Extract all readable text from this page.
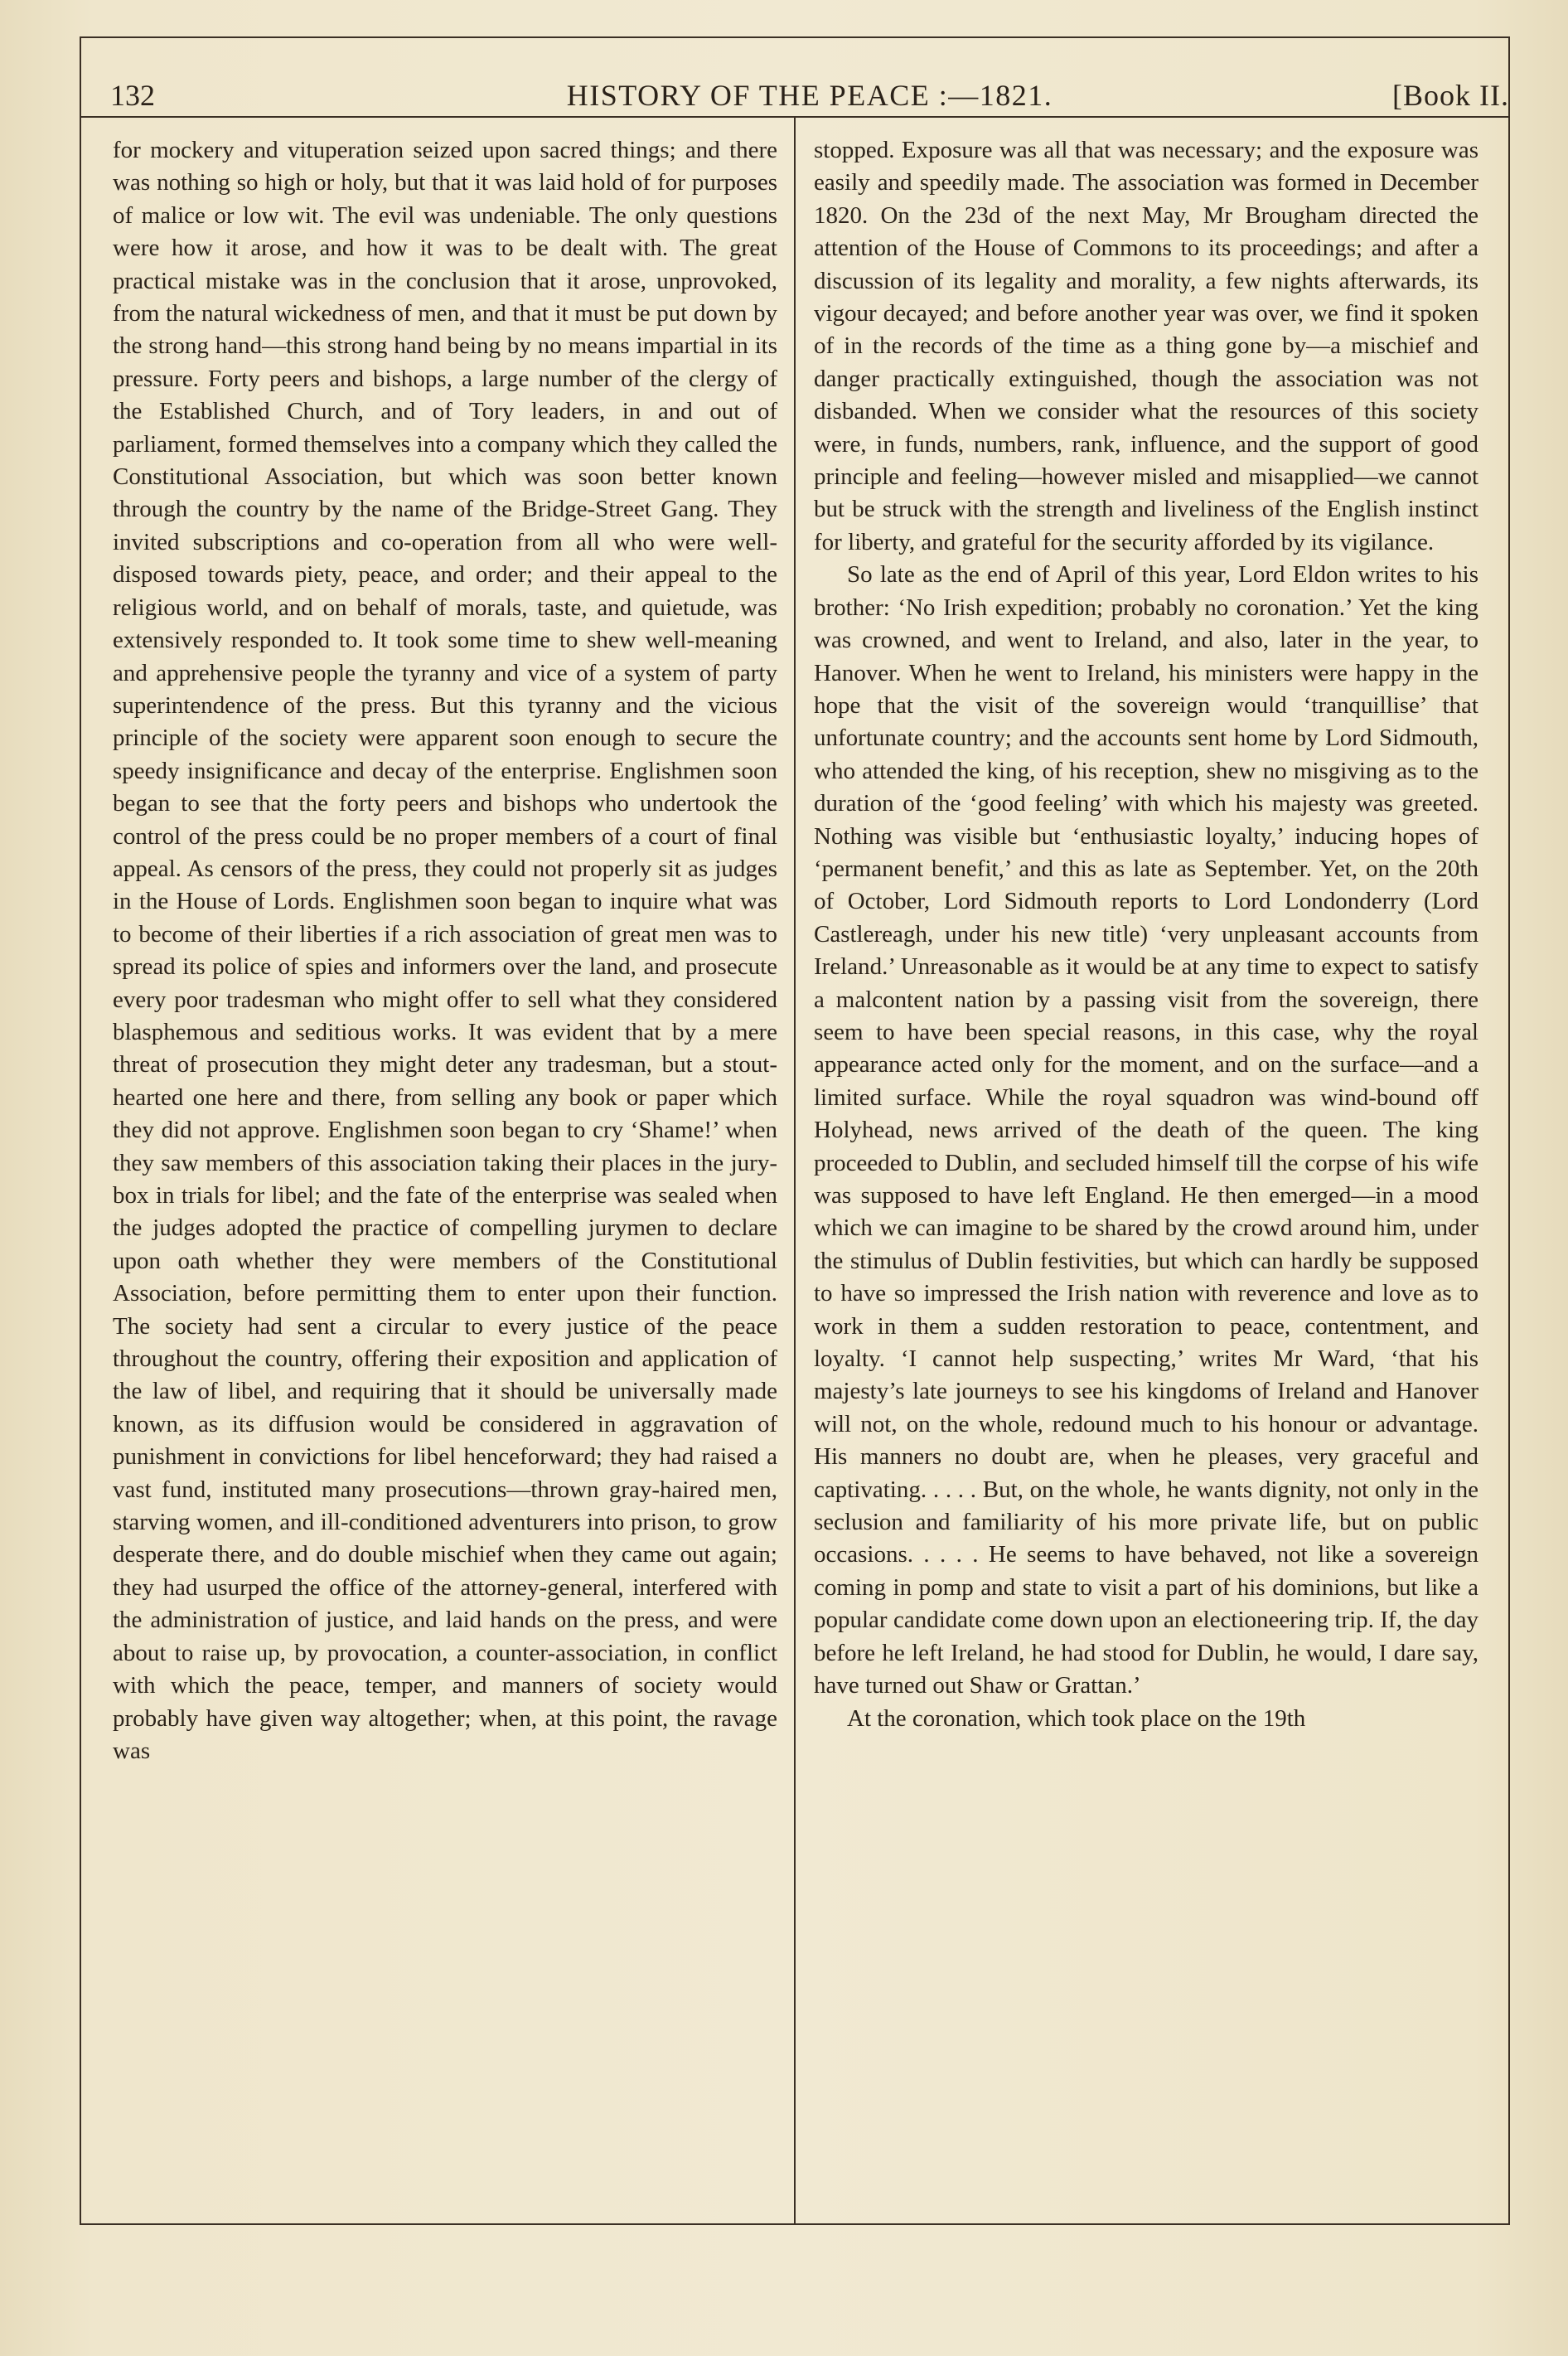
132	HISTORY OF THE PEACE :—1821.	[Book II.

for mockery and vituperation seized upon sacred things; and there was nothing so high or holy, but that it was laid hold of for purposes of malice or low wit. The evil was undeniable. The only questions were how it arose, and how it was to be dealt with. The great practical mistake was in the conclusion that it arose, unprovoked, from the natural wickedness of men, and that it must be put down by the strong hand—this strong hand being by no means impartial in its pressure. Forty peers and bishops, a large number of the clergy of the Established Church, and of Tory leaders, in and out of parliament, formed themselves into a company which they called the Constitutional Association, but which was soon better known through the country by the name of the Bridge-Street Gang. They invited subscriptions and co-operation from all who were well-disposed towards piety, peace, and order; and their appeal to the religious world, and on behalf of morals, taste, and quietude, was extensively responded to. It took some time to shew well-meaning and apprehensive people the tyranny and vice of a system of party superintendence of the press. But this tyranny and the vicious principle of the society were apparent soon enough to secure the speedy insignificance and decay of the enterprise. Englishmen soon began to see that the forty peers and bishops who undertook the control of the press could be no proper members of a court of final appeal. As censors of the press, they could not properly sit as judges in the House of Lords. Englishmen soon began to inquire what was to become of their liberties if a rich association of great men was to spread its police of spies and informers over the land, and prosecute every poor tradesman who might offer to sell what they considered blasphemous and seditious works. It was evident that by a mere threat of prosecution they might deter any tradesman, but a stout-hearted one here and there, from selling any book or paper which they did not approve. Englishmen soon began to cry ‘Shame!’ when they saw members of this association taking their places in the jury-box in trials for libel; and the fate of the enterprise was sealed when the judges adopted the practice of compelling jurymen to declare upon oath whether they were members of the Constitutional Association, before permitting them to enter upon their function. The society had sent a circular to every justice of the peace throughout the country, offering their exposition and application of the law of libel, and requiring that it should be universally made known, as its diffusion would be considered in aggravation of punishment in convictions for libel henceforward; they had raised a vast fund, instituted many prosecutions—thrown gray-haired men, starving women, and ill-conditioned adventurers into prison, to grow desperate there, and do double mischief when they came out again; they had usurped the office of the attorney-general, interfered with the administration of justice, and laid hands on the press, and were about to raise up, by provocation, a counter-association, in conflict with which the peace, temper, and manners of society would probably have given way altogether; when, at this point, the ravage was

stopped. Exposure was all that was necessary; and the exposure was easily and speedily made. The association was formed in December 1820. On the 23d of the next May, Mr Brougham directed the attention of the House of Commons to its proceedings; and after a discussion of its legality and morality, a few nights afterwards, its vigour decayed; and before another year was over, we find it spoken of in the records of the time as a thing gone by—a mischief and danger practically extinguished, though the association was not disbanded. When we consider what the resources of this society were, in funds, numbers, rank, influence, and the support of good principle and feeling—however misled and misapplied—we cannot but be struck with the strength and liveliness of the English instinct for liberty, and grateful for the security afforded by its vigilance.

So late as the end of April of this year, Lord Eldon writes to his brother: ‘No Irish expedition; probably no coronation.’ Yet the king was crowned, and went to Ireland, and also, later in the year, to Hanover. When he went to Ireland, his ministers were happy in the hope that the visit of the sovereign would ‘tranquillise’ that unfortunate country; and the accounts sent home by Lord Sidmouth, who attended the king, of his reception, shew no misgiving as to the duration of the ‘good feeling’ with which his majesty was greeted. Nothing was visible but ‘enthusiastic loyalty,’ inducing hopes of ‘permanent benefit,’ and this as late as September. Yet, on the 20th of October, Lord Sidmouth reports to Lord Londonderry (Lord Castlereagh, under his new title) ‘very unpleasant accounts from Ireland.’ Unreasonable as it would be at any time to expect to satisfy a malcontent nation by a passing visit from the sovereign, there seem to have been special reasons, in this case, why the royal appearance acted only for the moment, and on the surface—and a limited surface. While the royal squadron was wind-bound off Holyhead, news arrived of the death of the queen. The king proceeded to Dublin, and secluded himself till the corpse of his wife was supposed to have left England. He then emerged—in a mood which we can imagine to be shared by the crowd around him, under the stimulus of Dublin festivities, but which can hardly be supposed to have so impressed the Irish nation with reverence and love as to work in them a sudden restoration to peace, contentment, and loyalty. ‘I cannot help suspecting,’ writes Mr Ward, ‘that his majesty’s late journeys to see his kingdoms of Ireland and Hanover will not, on the whole, redound much to his honour or advantage. His manners no doubt are, when he pleases, very graceful and captivating. . . . . But, on the whole, he wants dignity, not only in the seclusion and familiarity of his more private life, but on public occasions. . . . . He seems to have behaved, not like a sovereign coming in pomp and state to visit a part of his dominions, but like a popular candidate come down upon an electioneering trip. If, the day before he left Ireland, he had stood for Dublin, he would, I dare say, have turned out Shaw or Grattan.’

At the coronation, which took place on the 19th
